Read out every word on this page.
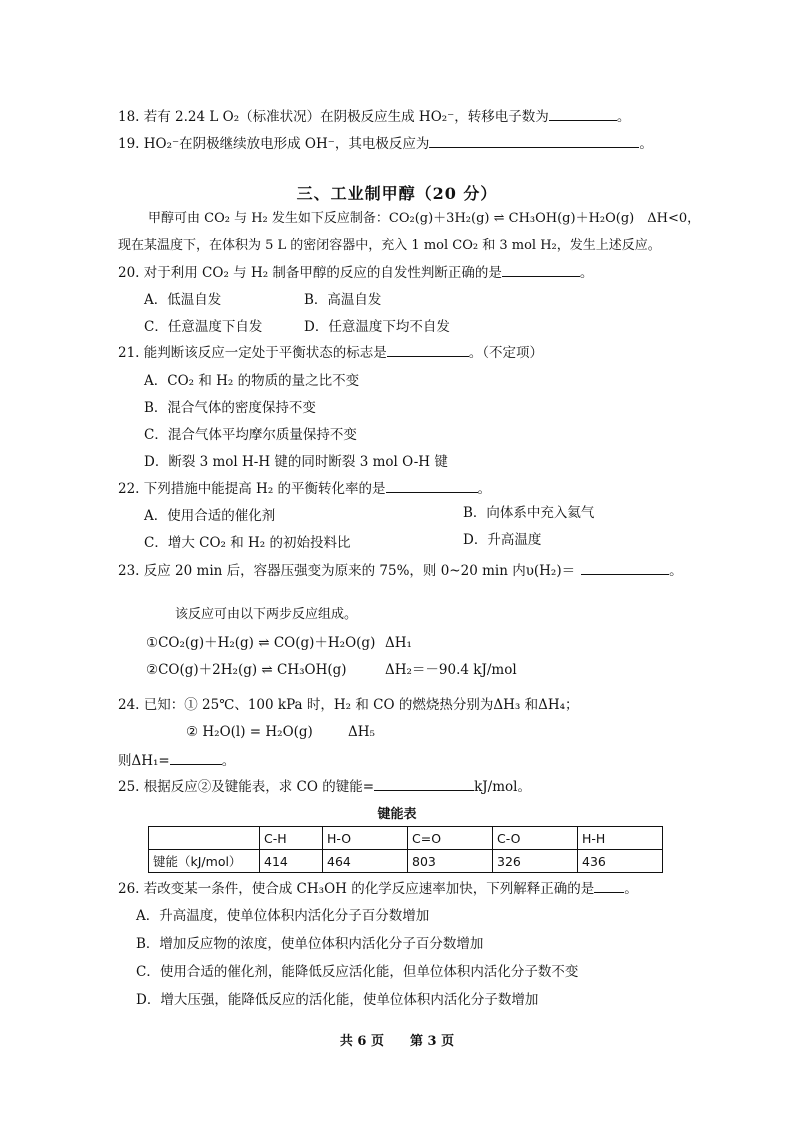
18. 若有 2.24 L O₂（标准状况）在阴极反应生成 HO₂⁻，转移电子数为	。
19. HO₂⁻在阴极继续放电形成 OH⁻，其电极反应为	。
三、工业制甲醇（20 分）
甲醇可由 CO₂ 与 H₂ 发生如下反应制备：CO₂(g)＋3H₂(g) ⇌ CH₃OH(g)＋H₂O(g)　ΔH<0，
现在某温度下，在体积为 5 L 的密闭容器中，充入 1 mol CO₂ 和 3 mol H₂，发生上述反应。
20. 对于利用 CO₂ 与 H₂ 制备甲醇的反应的自发性判断正确的是	。
A．低温自发	B．高温自发
C．任意温度下自发	D．任意温度下均不自发
21. 能判断该反应一定处于平衡状态的标志是	。（不定项）
A．CO₂ 和 H₂ 的物质的量之比不变
B．混合气体的密度保持不变
C．混合气体平均摩尔质量保持不变
D．断裂 3 mol H-H 键的同时断裂 3 mol O-H 键
22. 下列措施中能提高 H₂ 的平衡转化率的是	。
A．使用合适的催化剂	B．向体系中充入氦气
C．增大 CO₂ 和 H₂ 的初始投料比	D．升高温度
23. 反应 20 min 后，容器压强变为原来的 75%，则 0~20 min 内υ(H₂)＝	。
该反应可由以下两步反应组成。
①CO₂(g)＋H₂(g) ⇌ CO(g)＋H₂O(g) ΔH₁
②CO(g)＋2H₂(g) ⇌ CH₃OH(g)	ΔH₂＝－90.4 kJ/mol
24. 已知：① 25℃、100 kPa 时，H₂ 和 CO 的燃烧热分别为ΔH₃ 和ΔH₄；
② H₂O(l) = H₂O(g)	ΔH₅
则ΔH₁=	。
25. 根据反应②及键能表，求 CO 的键能=	kJ/mol。
键能表
	C-H	H-O	C=O	C-O	H-H
键能（kJ/mol）	414	464	803	326	436
26. 若改变某一条件，使合成 CH₃OH 的化学反应速率加快，下列解释正确的是 。
A．升高温度，使单位体积内活化分子百分数增加
B．增加反应物的浓度，使单位体积内活化分子百分数增加
C．使用合适的催化剂，能降低反应活化能，但单位体积内活化分子数不变
D．增大压强，能降低反应的活化能，使单位体积内活化分子数增加
共 6 页　　第 3 页
